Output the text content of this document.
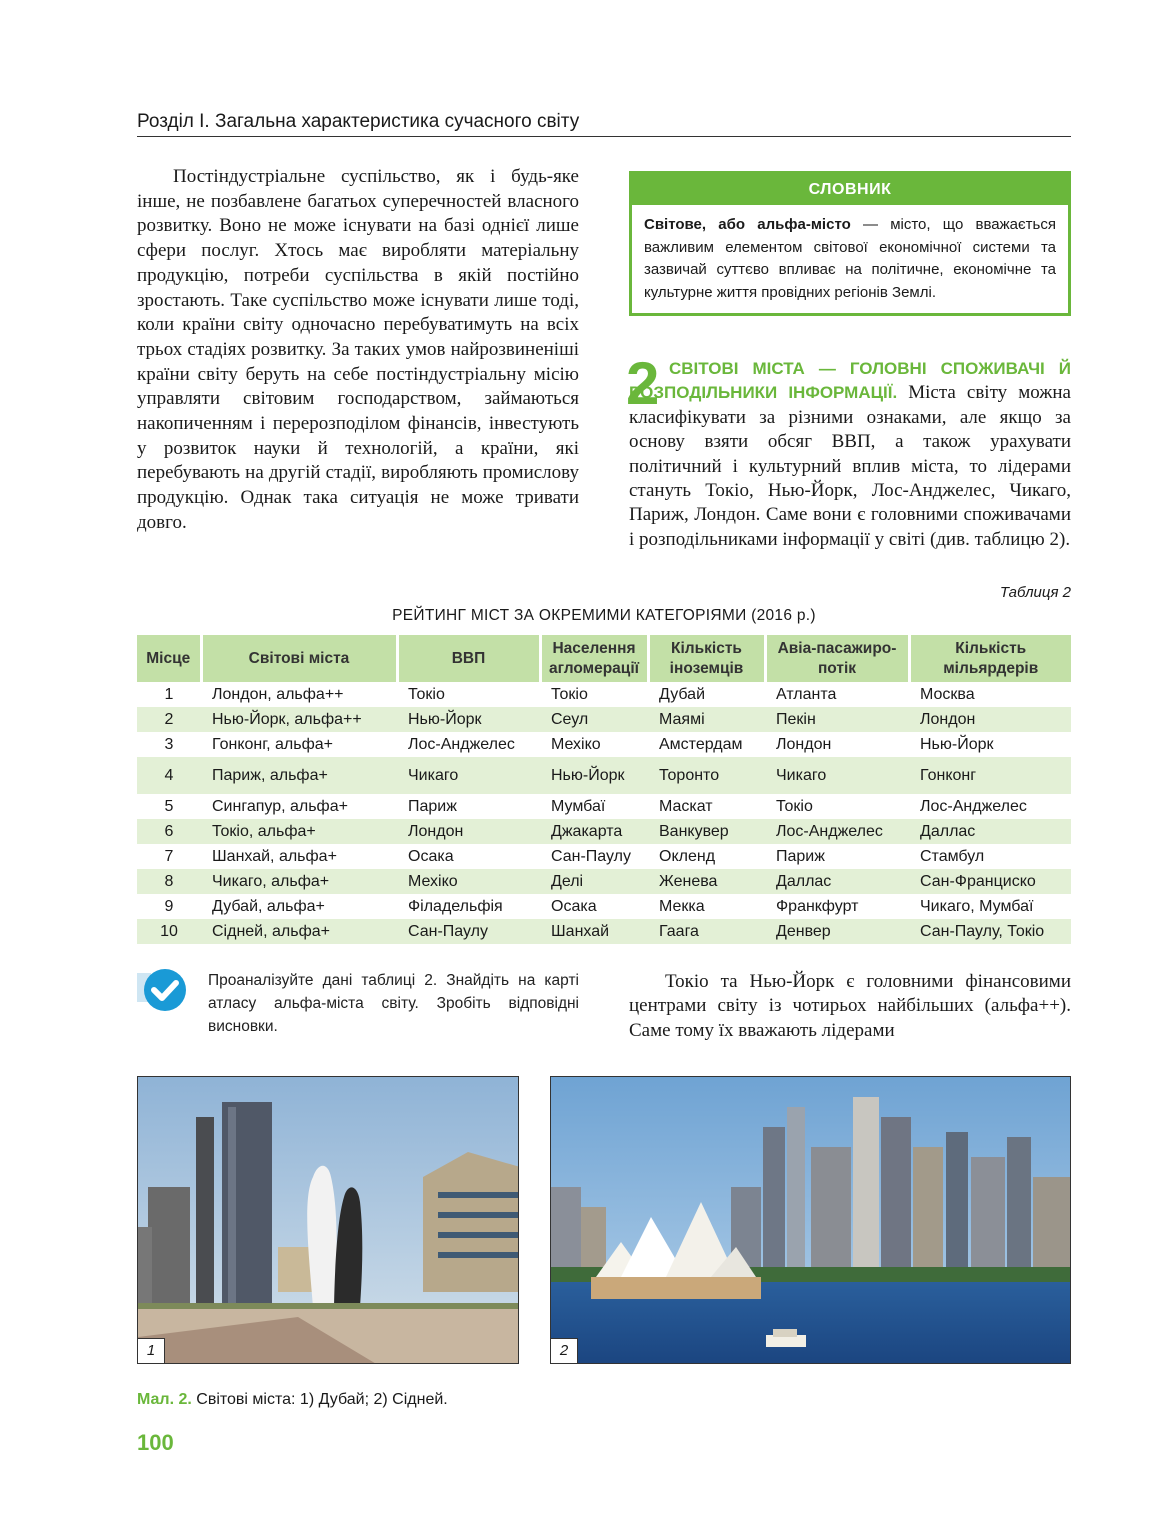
Розділ І. Загальна характеристика сучасного світу
Постіндустріальне суспільство, як і будь-яке інше, не позбавлене багатьох суперечностей власного розвитку. Воно не може існувати на базі однієї лише сфери послуг. Хтось має виробляти матеріальну продукцію, потреби суспільства в якій постійно зростають. Таке суспільство може існувати лише тоді, коли країни світу одночасно перебуватимуть на всіх трьох стадіях розвитку. За таких умов найрозвиненіші країни світу беруть на себе постіндустріальну місію управляти світовим господарством, займаються накопиченням і перерозподілом фінансів, інвестують у розвиток науки й технологій, а країни, які перебувають на другій стадії, виробляють промислову продукцію. Однак така ситуація не може тривати довго.
СЛОВНИК
Світове, або альфа-місто — місто, що вважається важливим елементом світової економічної системи та зазвичай суттєво впливає на політичне, економічне та культурне життя провідних регіонів Землі.
2 СВІТОВІ МІСТА — ГОЛОВНІ СПОЖИВАЧІ Й РОЗПОДІЛЬНИКИ ІНФОРМАЦІЇ. Міста світу можна класифікувати за різними ознаками, але якщо за основу взяти обсяг ВВП, а також урахувати політичний і культурний вплив міста, то лідерами стануть Токіо, Нью-Йорк, Лос-Анджелес, Чикаго, Париж, Лондон. Саме вони є головними споживачами і розподільниками інформації у світі (див. таблицю 2).
Таблиця 2
РЕЙТИНГ МІСТ ЗА ОКРЕМИМИ КАТЕГОРІЯМИ (2016 р.)
Місце	Світові міста	ВВП	Населення агломерації	Кількість іноземців	Авіа-пасажиро-потік	Кількість мільярдерів
1	Лондон, альфа++	Токіо	Токіо	Дубай	Атланта	Москва
2	Нью-Йорк, альфа++	Нью-Йорк	Сеул	Маямі	Пекін	Лондон
3	Гонконг, альфа+	Лос-Анджелес	Мехіко	Амстердам	Лондон	Нью-Йорк
4	Париж, альфа+	Чикаго	Нью-Йорк	Торонто	Чикаго	Гонконг
5	Сингапур, альфа+	Париж	Мумбаї	Маскат	Токіо	Лос-Анджелес
6	Токіо, альфа+	Лондон	Джакарта	Ванкувер	Лос-Анджелес	Даллас
7	Шанхай, альфа+	Осака	Сан-Паулу	Окленд	Париж	Стамбул
8	Чикаго, альфа+	Мехіко	Делі	Женева	Даллас	Сан-Франциско
9	Дубай, альфа+	Філадельфія	Осака	Мекка	Франкфурт	Чикаго, Мумбаї
10	Сідней, альфа+	Сан-Паулу	Шанхай	Гаага	Денвер	Сан-Паулу, Токіо
Проаналізуйте дані таблиці 2. Знайдіть на карті атласу альфа-міста світу. Зробіть відповідні висновки.
Токіо та Нью-Йорк є головними фінансовими центрами світу із чотирьох найбільших (альфа++). Саме тому їх вважають лідерами
1	2
Мал. 2. Світові міста: 1) Дубай; 2) Сідней.
100
